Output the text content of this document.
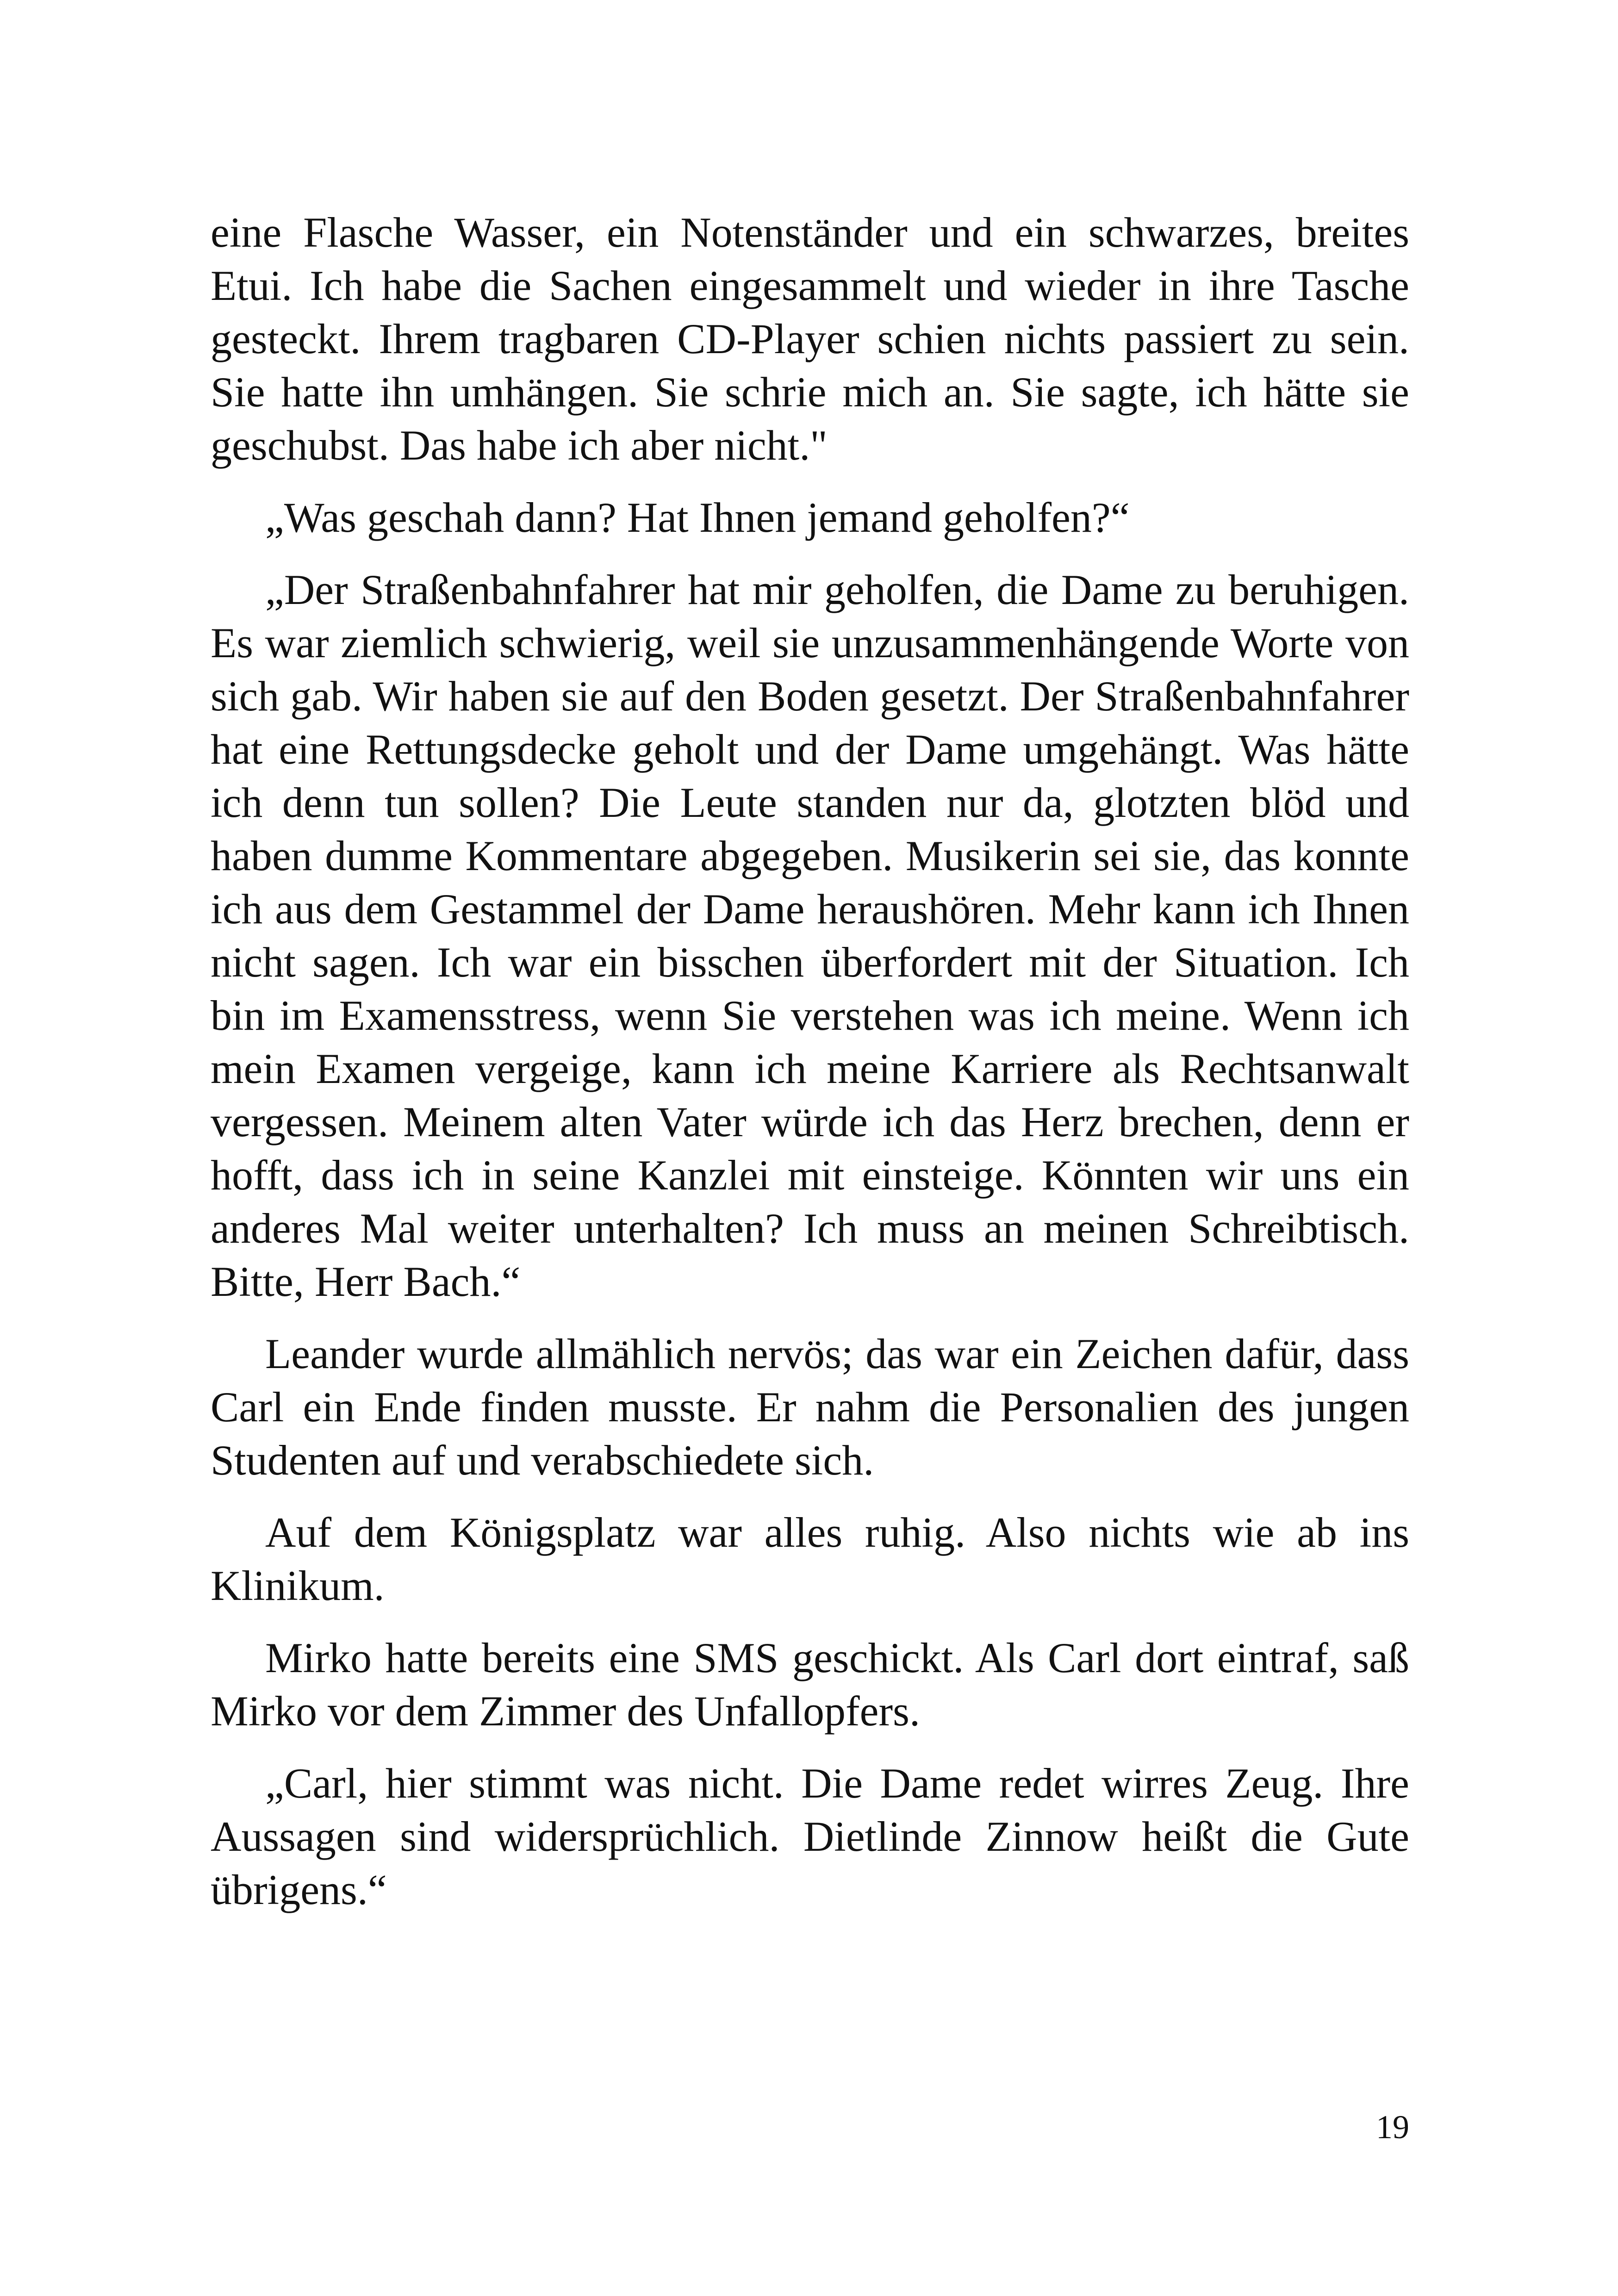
eine Flasche Wasser, ein Notenständer und ein schwarzes, breites Etui. Ich habe die Sachen eingesammelt und wieder in ihre Tasche gesteckt. Ihrem tragbaren CD-Player schien nichts passiert zu sein. Sie hatte ihn umhängen. Sie schrie mich an. Sie sagte, ich hätte sie geschubst. Das habe ich aber nicht."

„Was geschah dann? Hat Ihnen jemand geholfen?“

„Der Straßenbahnfahrer hat mir geholfen, die Dame zu beruhigen. Es war ziemlich schwierig, weil sie unzusammenhängende Worte von sich gab. Wir haben sie auf den Boden gesetzt. Der Straßenbahnfahrer hat eine Rettungsdecke geholt und der Dame umgehängt. Was hätte ich denn tun sollen? Die Leute standen nur da, glotzten blöd und haben dumme Kommentare abgegeben. Musikerin sei sie, das konnte ich aus dem Gestammel der Dame heraushören. Mehr kann ich Ihnen nicht sagen. Ich war ein bisschen überfordert mit der Situation. Ich bin im Examensstress, wenn Sie verstehen was ich meine. Wenn ich mein Examen vergeige, kann ich meine Karriere als Rechtsanwalt vergessen. Meinem alten Vater würde ich das Herz brechen, denn er hofft, dass ich in seine Kanzlei mit einsteige. Könnten wir uns ein anderes Mal weiter unterhalten? Ich muss an meinen Schreibtisch. Bitte, Herr Bach.“

Leander wurde allmählich nervös; das war ein Zeichen dafür, dass Carl ein Ende finden musste. Er nahm die Personalien des jungen Studenten auf und verabschiedete sich.

Auf dem Königsplatz war alles ruhig. Also nichts wie ab ins Klinikum.

Mirko hatte bereits eine SMS geschickt. Als Carl dort eintraf, saß Mirko vor dem Zimmer des Unfallopfers.

„Carl, hier stimmt was nicht. Die Dame redet wirres Zeug. Ihre Aussagen sind widersprüchlich. Dietlinde Zinnow heißt die Gute übrigens.“

19
